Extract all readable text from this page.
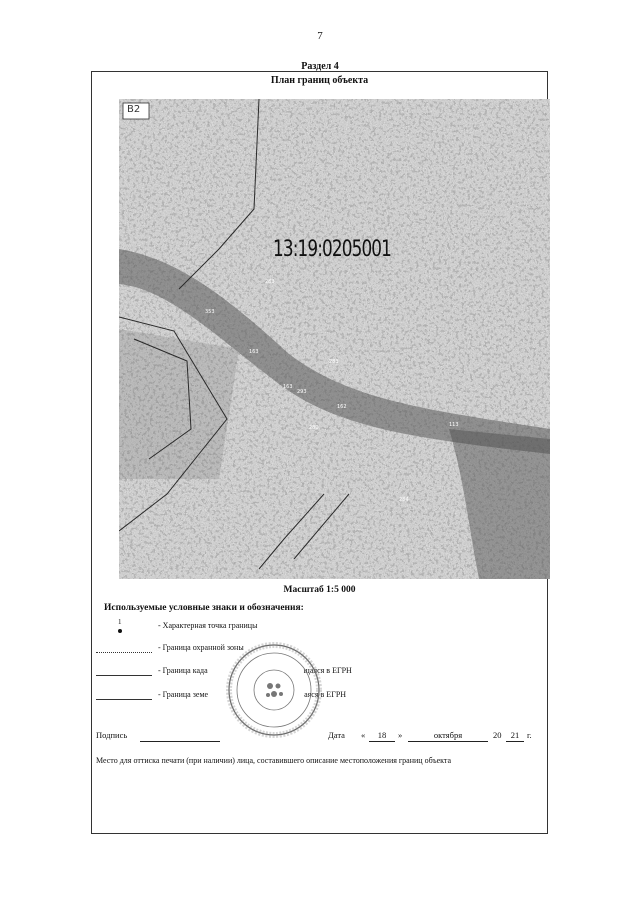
7
Раздел 4
План границ объекта
B2
13:19:0205001
283
353
163
163
293
162
280	113
284
283
Масштаб 1:5 000
Используемые условные знаки и обозначения:
1	- Характерная точка границы
- Граница охранной зоны
- Граница када	щаяся в ЕГРН
- Граница земе	аяся в ЕГРН
Подпись	Дата «	18	»	октября	20	21 г.
Место для оттиска печати (при наличии) лица, составившего описание местоположения границ объекта
